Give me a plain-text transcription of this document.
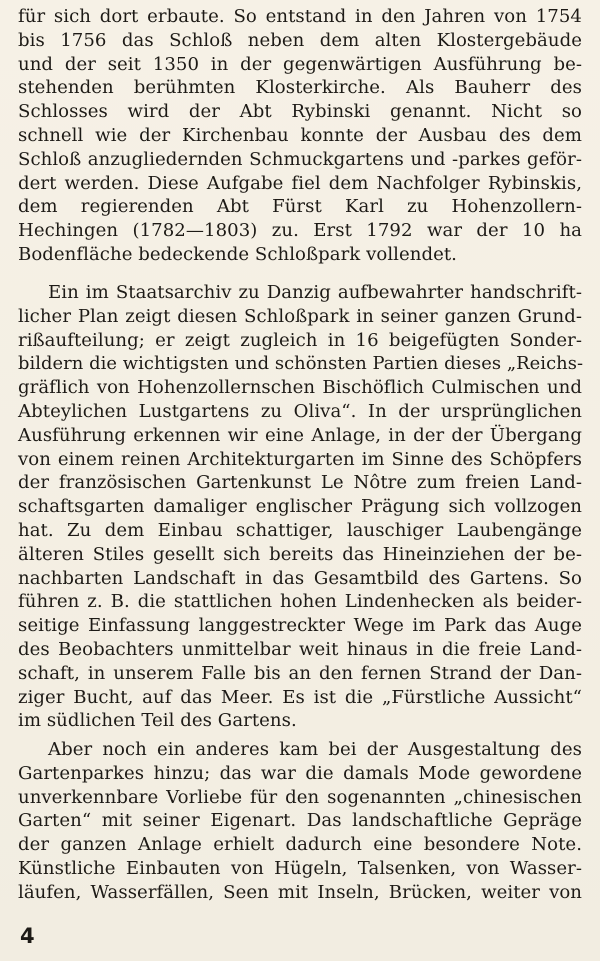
für sich dort erbaute. So entstand in den Jahren von 1754
bis 1756 das Schloß neben dem alten Klostergebäude
und der seit 1350 in der gegenwärtigen Ausführung be-
stehenden berühmten Klosterkirche. Als Bauherr des
Schlosses wird der Abt Rybinski genannt. Nicht so
schnell wie der Kirchenbau konnte der Ausbau des dem
Schloß anzugliedernden Schmuckgartens und -parkes geför-
dert werden. Diese Aufgabe fiel dem Nachfolger Rybinskis,
dem regierenden Abt Fürst Karl zu Hohenzollern-
Hechingen (1782—1803) zu. Erst 1792 war der 10 ha
Bodenfläche bedeckende Schloßpark vollendet.
Ein im Staatsarchiv zu Danzig aufbewahrter handschrift-
licher Plan zeigt diesen Schloßpark in seiner ganzen Grund-
rißaufteilung; er zeigt zugleich in 16 beigefügten Sonder-
bildern die wichtigsten und schönsten Partien dieses „Reichs-
gräflich von Hohenzollernschen Bischöflich Culmischen und
Abteylichen Lustgartens zu Oliva“. In der ursprünglichen
Ausführung erkennen wir eine Anlage, in der der Übergang
von einem reinen Architekturgarten im Sinne des Schöpfers
der französischen Gartenkunst Le Nôtre zum freien Land-
schaftsgarten damaliger englischer Prägung sich vollzogen
hat. Zu dem Einbau schattiger, lauschiger Laubengänge
älteren Stiles gesellt sich bereits das Hineinziehen der be-
nachbarten Landschaft in das Gesamtbild des Gartens. So
führen z. B. die stattlichen hohen Lindenhecken als beider-
seitige Einfassung langgestreckter Wege im Park das Auge
des Beobachters unmittelbar weit hinaus in die freie Land-
schaft, in unserem Falle bis an den fernen Strand der Dan-
ziger Bucht, auf das Meer. Es ist die „Fürstliche Aussicht“
im südlichen Teil des Gartens.
Aber noch ein anderes kam bei der Ausgestaltung des
Gartenparkes hinzu; das war die damals Mode gewordene
unverkennbare Vorliebe für den sogenannten „chinesischen
Garten“ mit seiner Eigenart. Das landschaftliche Gepräge
der ganzen Anlage erhielt dadurch eine besondere Note.
Künstliche Einbauten von Hügeln, Talsenken, von Wasser-
läufen, Wasserfällen, Seen mit Inseln, Brücken, weiter von
4
